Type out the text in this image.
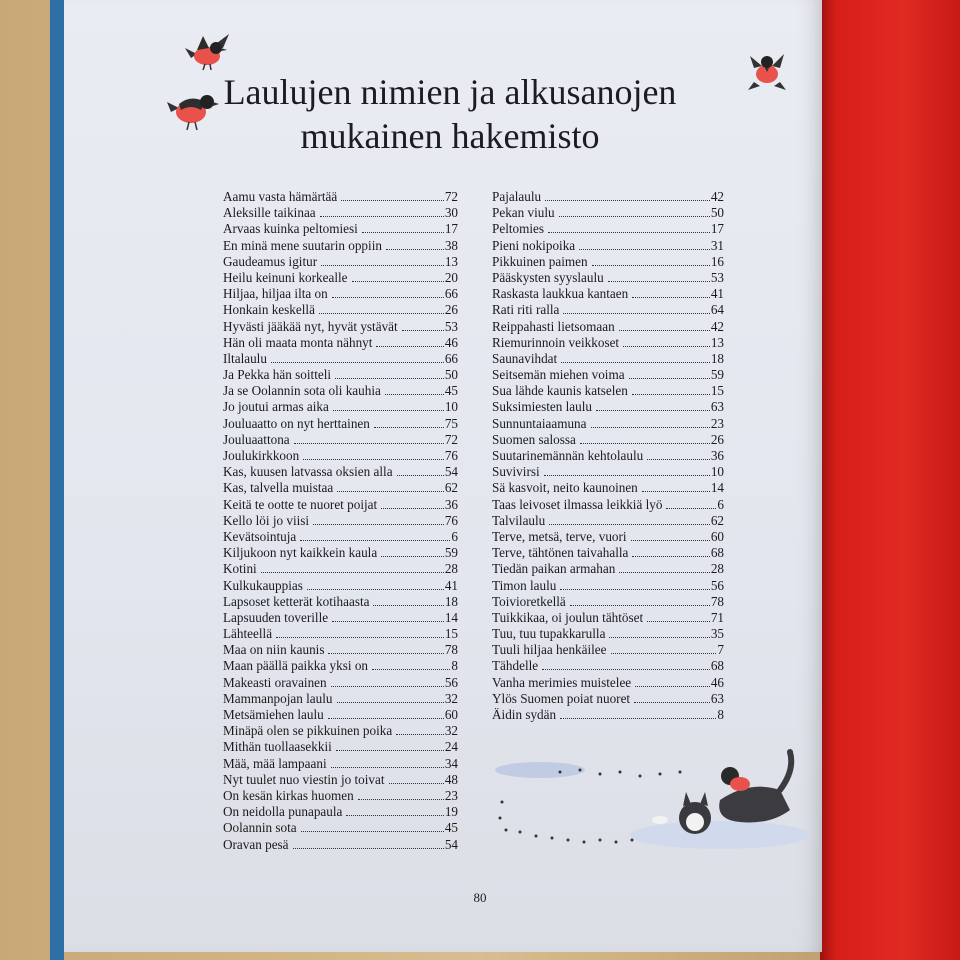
Laulujen nimien ja alkusanojen
mukainen hakemisto
Aamu vasta hämärtää	72
Aleksille taikinaa	30
Arvaas kuinka peltomiesi	17
En minä mene suutarin oppiin	38
Gaudeamus igitur	13
Heilu keinuni korkealle	20
Hiljaa, hiljaa ilta on	66
Honkain keskellä	26
Hyvästi jääkää nyt, hyvät ystävät	53
Hän oli maata monta nähnyt	46
Iltalaulu	66
Ja Pekka hän soitteli	50
Ja se Oolannin sota oli kauhia	45
Jo joutui armas aika	10
Jouluaatto on nyt herttainen	75
Jouluaattona	72
Joulukirkkoon	76
Kas, kuusen latvassa oksien alla	54
Kas, talvella muistaa	62
Keitä te ootte te nuoret poijat	36
Kello löi jo viisi	76
Kevätsointuja	6
Kiljukoon nyt kaikkein kaula	59
Kotini	28
Kulkukauppias	41
Lapsoset ketterät kotihaasta	18
Lapsuuden toverille	14
Lähteellä	15
Maa on niin kaunis	78
Maan päällä paikka yksi on	8
Makeasti oravainen	56
Mammanpojan laulu	32
Metsämiehen laulu	60
Minäpä olen se pikkuinen poika	32
Mithän tuollaasekkii	24
Mää, mää lampaani	34
Nyt tuulet nuo viestin jo toivat	48
On kesän kirkas huomen	23
On neidolla punapaula	19
Oolannin sota	45
Oravan pesä	54
Pajalaulu	42
Pekan viulu	50
Peltomies	17
Pieni nokipoika	31
Pikkuinen paimen	16
Pääskysten syyslaulu	53
Raskasta laukkua kantaen	41
Rati riti ralla	64
Reippahasti lietsomaan	42
Riemurinnoin veikkoset	13
Saunavihdat	18
Seitsemän miehen voima	59
Sua lähde kaunis katselen	15
Suksimiesten laulu	63
Sunnuntaiaamuna	23
Suomen salossa	26
Suutarinemännän kehtolaulu	36
Suvivirsi	10
Sä kasvoit, neito kaunoinen	14
Taas leivoset ilmassa leikkiä lyö	6
Talvilaulu	62
Terve, metsä, terve, vuori	60
Terve, tähtönen taivahalla	68
Tiedän paikan armahan	28
Timon laulu	56
Toivioretkellä	78
Tuikkikaa, oi joulun tähtöset	71
Tuu, tuu tupakkarulla	35
Tuuli hiljaa henkäilee	7
Tähdelle	68
Vanha merimies muistelee	46
Ylös Suomen poiat nuoret	63
Äidin sydän	8
80
